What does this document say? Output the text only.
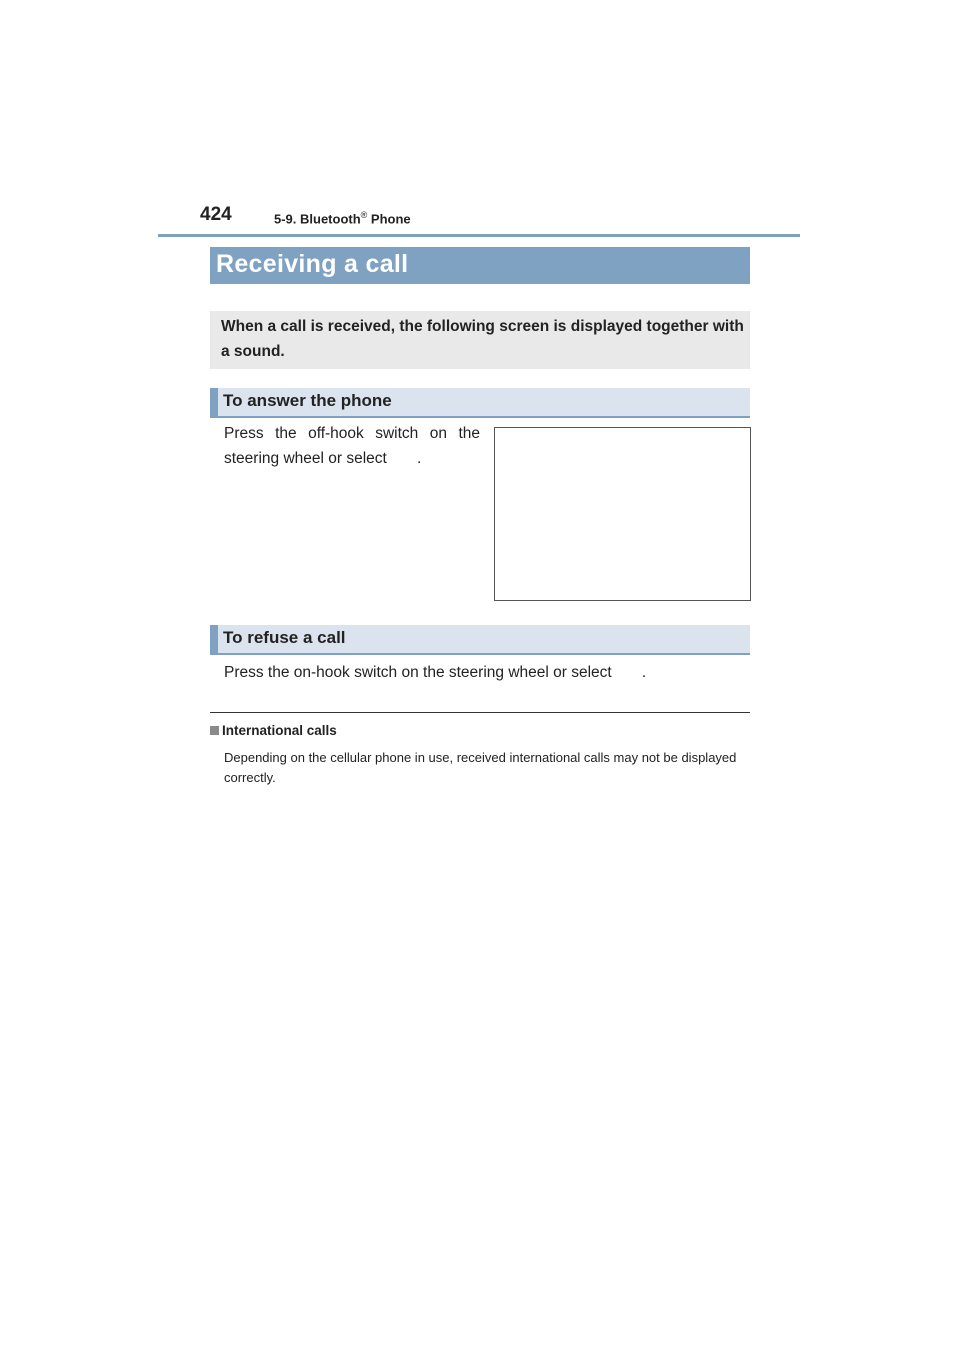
424	5-9. Bluetooth® Phone
Receiving a call
When a call is received, the following screen is displayed together with a sound.
To answer the phone
Press the off-hook switch on the steering wheel or select       .
To refuse a call
Press the on-hook switch on the steering wheel or select       .
International calls
Depending on the cellular phone in use, received international calls may not be displayed correctly.
